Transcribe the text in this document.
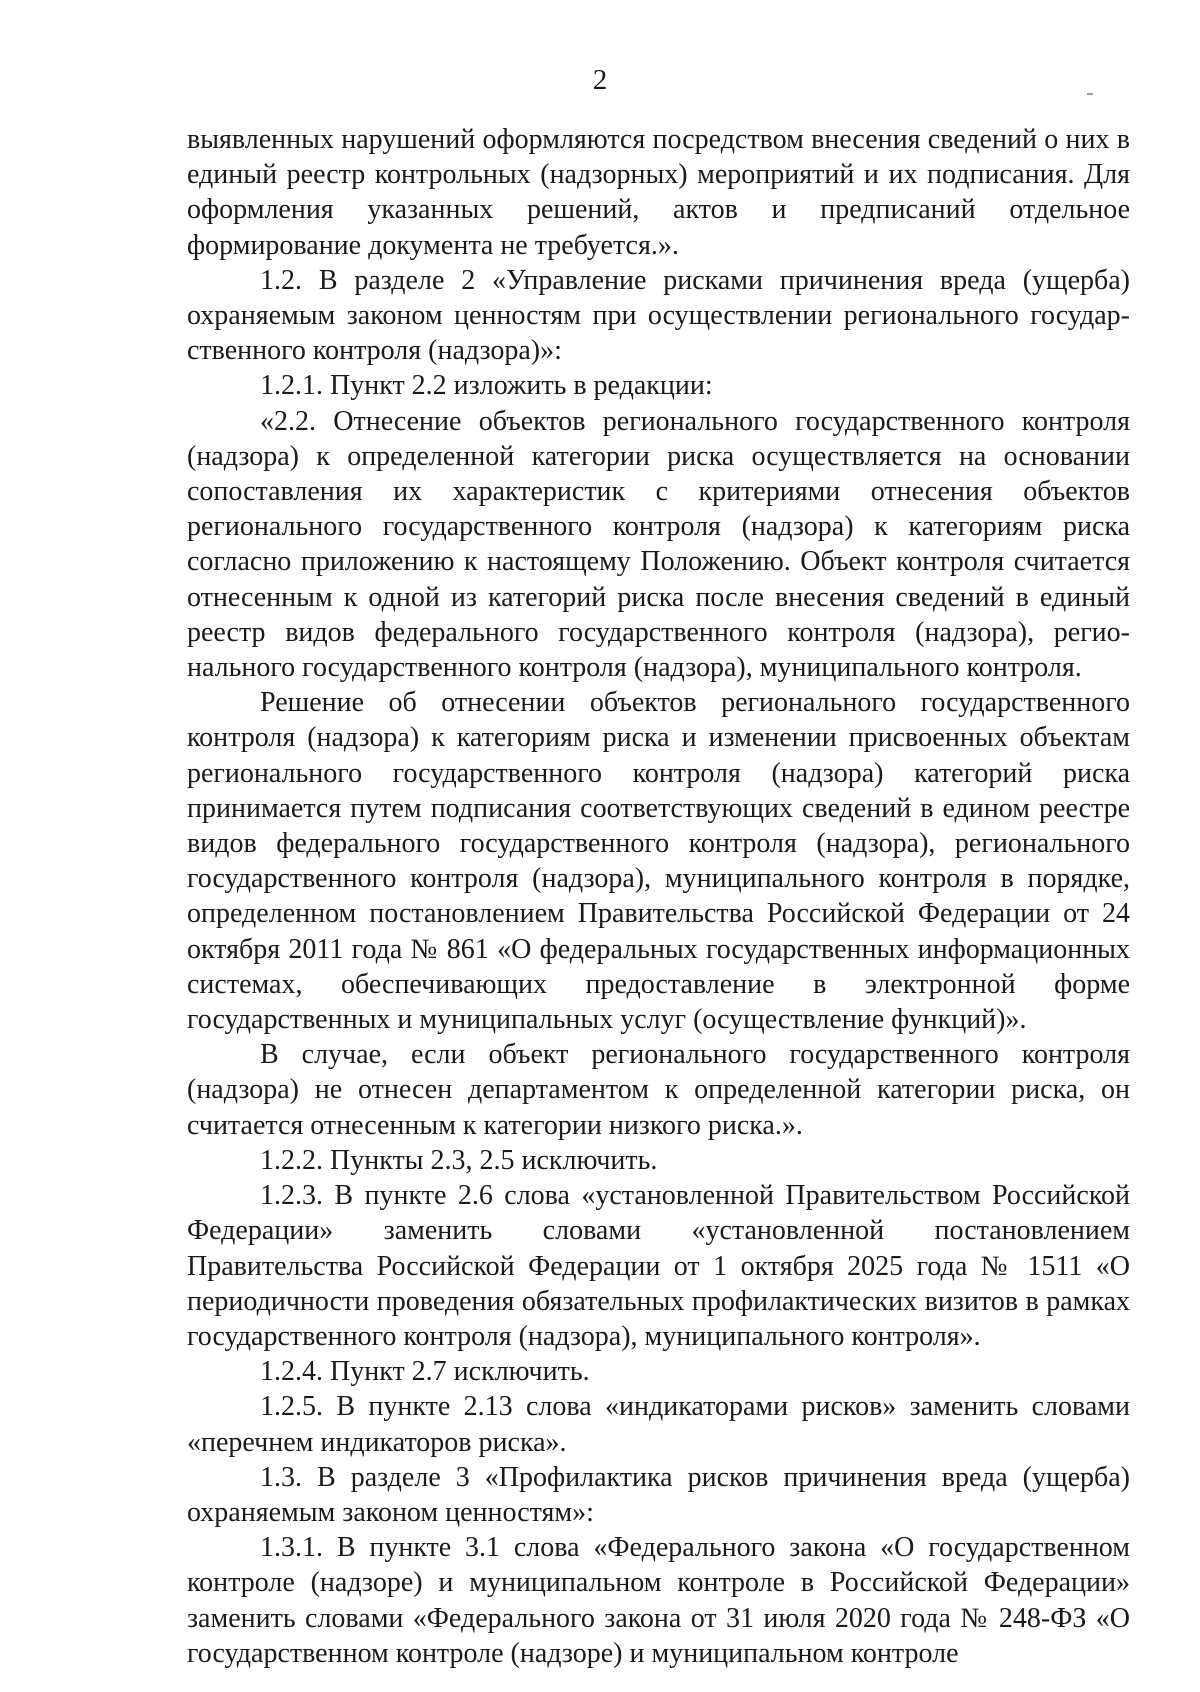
2

выявленных нарушений оформляются посредством внесения сведений о них в единый реестр контрольных (надзорных) мероприятий и их подписания. Для оформления указанных решений, актов и предписаний отдельное формирование документа не требуется.».

1.2. В разделе 2 «Управление рисками причинения вреда (ущерба) охраняемым законом ценностям при осуществлении регионального государственного контроля (надзора)»:

1.2.1. Пункт 2.2 изложить в редакции:

«2.2. Отнесение объектов регионального государственного контроля (надзора) к определенной категории риска осуществляется на основании сопоставления их характеристик с критериями отнесения объектов регионального государственного контроля (надзора) к категориям риска согласно приложению к настоящему Положению. Объект контроля считается отнесенным к одной из категорий риска после внесения сведений в единый реестр видов федерального государственного контроля (надзора), регионального государственного контроля (надзора), муниципального контроля.

Решение об отнесении объектов регионального государственного контроля (надзора) к категориям риска и изменении присвоенных объектам регионального государственного контроля (надзора) категорий риска принимается путем подписания соответствующих сведений в едином реестре видов федерального государственного контроля (надзора), регионального государственного контроля (надзора), муниципального контроля в порядке, определенном постановлением Правительства Российской Федерации от 24 октября 2011 года № 861 «О федеральных государственных информационных системах, обеспечивающих предоставление в электронной форме государственных и муниципальных услуг (осуществление функций)».

В случае, если объект регионального государственного контроля (надзора) не отнесен департаментом к определенной категории риска, он считается отнесенным к категории низкого риска.».

1.2.2. Пункты 2.3, 2.5 исключить.

1.2.3. В пункте 2.6 слова «установленной Правительством Российской Федерации» заменить словами «установленной постановлением Правительства Российской Федерации от 1 октября 2025 года № 1511 «О периодичности проведения обязательных профилактических визитов в рамках государственного контроля (надзора), муниципального контроля».

1.2.4. Пункт 2.7 исключить.

1.2.5. В пункте 2.13 слова «индикаторами рисков» заменить словами «перечнем индикаторов риска».

1.3. В разделе 3 «Профилактика рисков причинения вреда (ущерба) охраняемым законом ценностям»:

1.3.1. В пункте 3.1 слова «Федерального закона «О государственном контроле (надзоре) и муниципальном контроле в Российской Федерации» заменить словами «Федерального закона от 31 июля 2020 года № 248-ФЗ «О государственном контроле (надзоре) и муниципальном контроле
